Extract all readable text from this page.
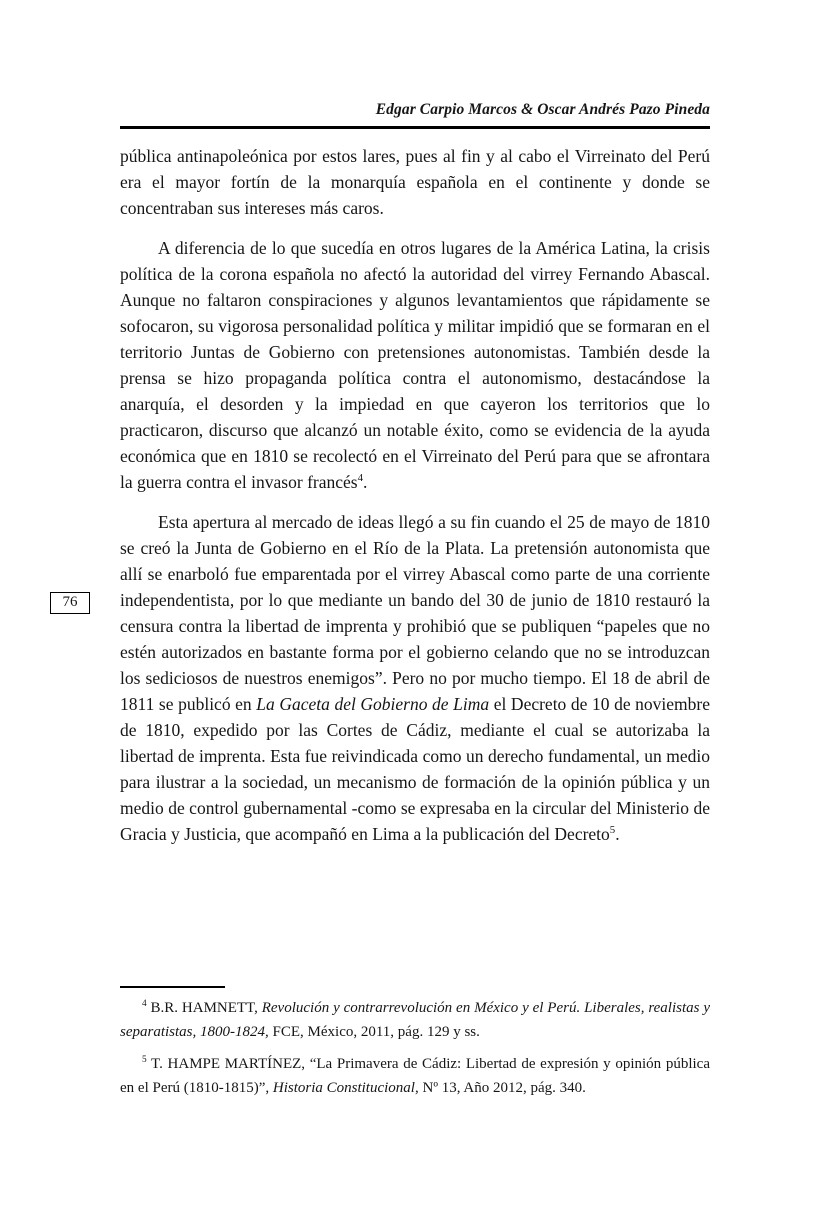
Edgar Carpio Marcos & Oscar Andrés Pazo Pineda

pública antinapoleónica por estos lares, pues al fin y al cabo el Virreinato del Perú era el mayor fortín de la monarquía española en el continente y donde se concentraban sus intereses más caros.

A diferencia de lo que sucedía en otros lugares de la América Latina, la crisis política de la corona española no afectó la autoridad del virrey Fernando Abascal. Aunque no faltaron conspiraciones y algunos levantamientos que rápidamente se sofocaron, su vigorosa personalidad política y militar impidió que se formaran en el territorio Juntas de Gobierno con pretensiones autonomistas. También desde la prensa se hizo propaganda política contra el autonomismo, destacándose la anarquía, el desorden y la impiedad en que cayeron los territorios que lo practicaron, discurso que alcanzó un notable éxito, como se evidencia de la ayuda económica que en 1810 se recolectó en el Virreinato del Perú para que se afrontara la guerra contra el invasor francés$^4$.

Esta apertura al mercado de ideas llegó a su fin cuando el 25 de mayo de 1810 se creó la Junta de Gobierno en el Río de la Plata. La pretensión autonomista que allí se enarboló fue emparentada por el virrey Abascal como parte de una corriente independentista, por lo que mediante un bando del 30 de junio de 1810 restauró la censura contra la libertad de imprenta y prohibió que se publiquen “papeles que no estén autorizados en bastante forma por el gobierno celando que no se introduzcan los sediciosos de nuestros enemigos”. Pero no por mucho tiempo. El 18 de abril de 1811 se publicó en La Gaceta del Gobierno de Lima el Decreto de 10 de noviembre de 1810, expedido por las Cortes de Cádiz, mediante el cual se autorizaba la libertad de imprenta. Esta fue reivindicada como un derecho fundamental, un medio para ilustrar a la sociedad, un mecanismo de formación de la opinión pública y un medio de control gubernamental -como se expresaba en la circular del Ministerio de Gracia y Justicia, que acompañó en Lima a la publicación del Decreto$^5$.

76

$^4$ B.R. HAMNETT, Revolución y contrarrevolución en México y el Perú. Liberales, realistas y separatistas, 1800-1824, FCE, México, 2011, pág. 129 y ss.

$^5$ T. HAMPE MARTÍNEZ, “La Primavera de Cádiz: Libertad de expresión y opinión pública en el Perú (1810-1815)”, Historia Constitucional, Nº 13, Año 2012, pág. 340.
